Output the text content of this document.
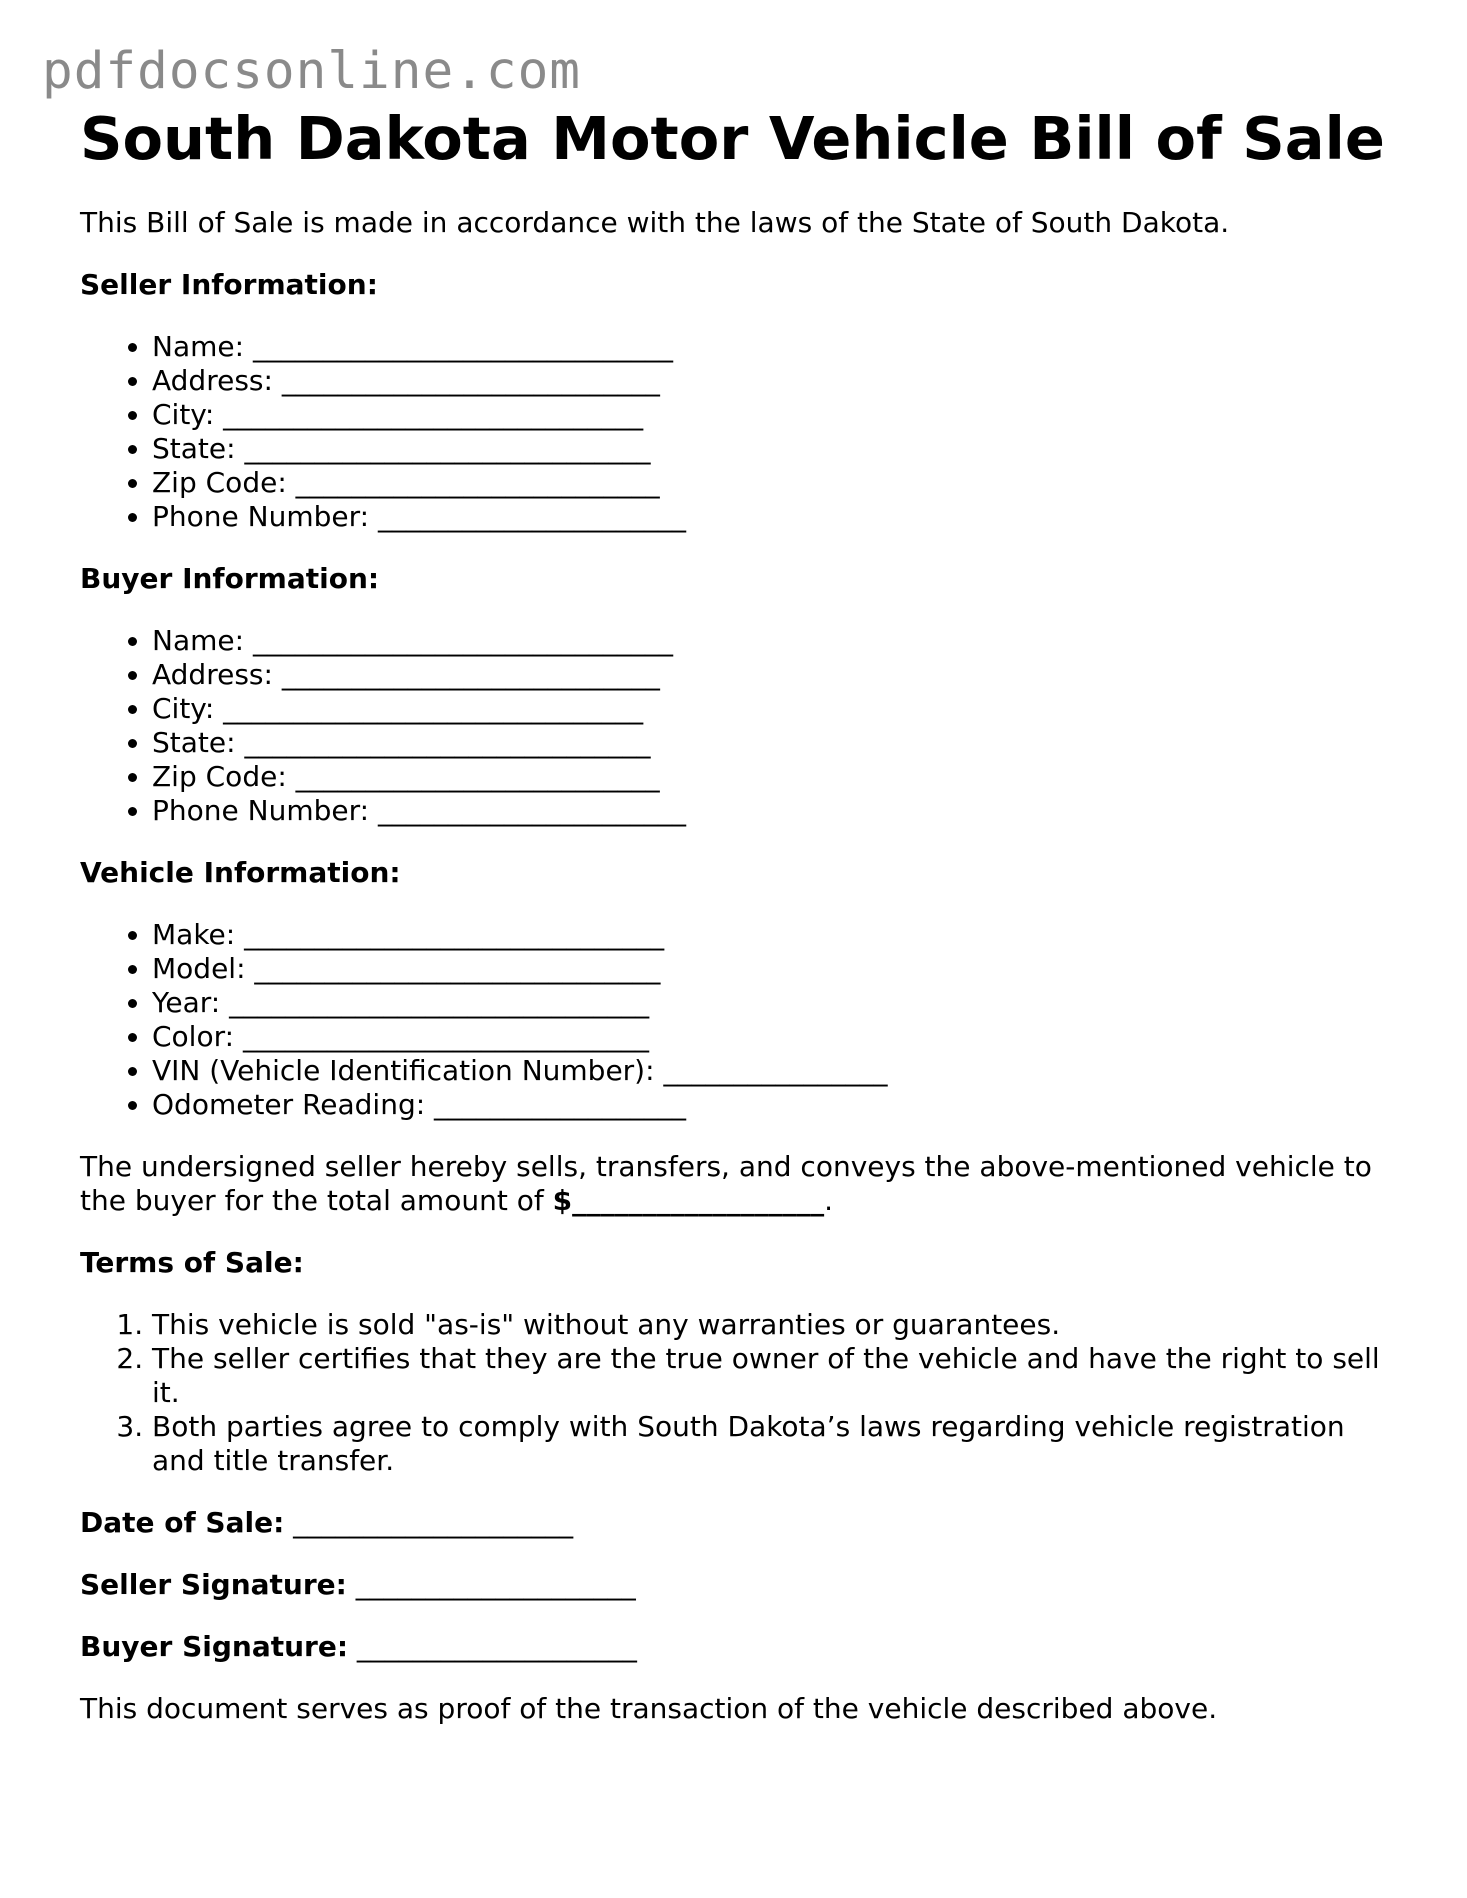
pdfdocsonline.com
South Dakota Motor Vehicle Bill of Sale

This Bill of Sale is made in accordance with the laws of the State of South Dakota.

Seller Information:

• Name: ______________________________
• Address: ___________________________
• City: ______________________________
• State: _____________________________
• Zip Code: __________________________
• Phone Number: ______________________

Buyer Information:

• Name: ______________________________
• Address: ___________________________
• City: ______________________________
• State: _____________________________
• Zip Code: __________________________
• Phone Number: ______________________

Vehicle Information:

• Make: ______________________________
• Model: _____________________________
• Year: ______________________________
• Color: _____________________________
• VIN (Vehicle Identification Number): ________________
• Odometer Reading: __________________

The undersigned seller hereby sells, transfers, and conveys the above-mentioned vehicle to the buyer for the total amount of $__________________.

Terms of Sale:

1. This vehicle is sold "as-is" without any warranties or guarantees.
2. The seller certifies that they are the true owner of the vehicle and have the right to sell it.
3. Both parties agree to comply with South Dakota’s laws regarding vehicle registration and title transfer.

Date of Sale: ____________________

Seller Signature: ____________________

Buyer Signature: ____________________

This document serves as proof of the transaction of the vehicle described above.
